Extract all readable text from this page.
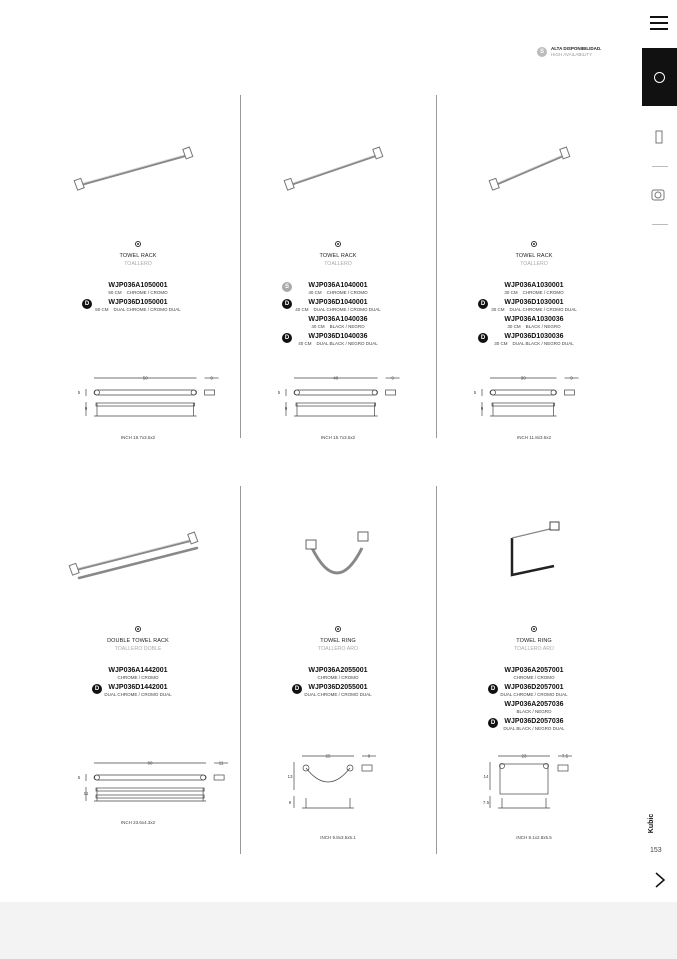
S
ALTA DISPONIBILIDAD.
HIGH AVAILABILITY
TOWEL RACK
TOALLERO
WJP036A1050001
50 CM CHROME / CROMO
D	WJP036D1050001
50 CM DUAL CHROME / CROMO DUAL
50	9
5
9
INCH 19.7x3.5x2
TOWEL RACK
TOALLERO
S	WJP036A1040001
40 CM CHROME / CROMO
D	WJP036D1040001
40 CM DUAL CHROME / CROMO DUAL
WJP036A1040036
40 CM BLACK / NEGRO
D	WJP036D1040036
40 CM DUAL BLACK / NEGRO DUAL
40	9
5
9
INCH 15.7x3.5x2
TOWEL RACK
TOALLERO
WJP036A1030001
30 CM CHROME / CROMO
D	WJP036D1030001
30 CM DUAL CHROME / CROMO DUAL
WJP036A1030036
30 CM BLACK / NEGRO
D	WJP036D1030036
30 CM DUAL BLACK / NEGRO DUAL
30	9
5
9
INCH 11.8x3.5x2
DOUBLE TOWEL RACK
TOALLERO DOBLE
WJP036A1442001
CHROME / CROMO
D	WJP036D1442001
DUAL CHROME / CROMO DUAL
60	11
5
11
INCH 23.6x4.3x2
TOWEL RING
TOALLERO ARO
WJP036A2055001
CHROME / CROMO
D	WJP036D2055001
DUAL CHROME / CROMO DUAL
25	9
13
9
INCH 9.8x3.5x5.1
TOWEL RING
TOALLERO ARO
WJP036A2057001
CHROME / CROMO
D	WJP036D2057001
DUAL CHROME / CROMO DUAL
WJP036A2057036
BLACK / NEGRO
D	WJP036D2057036
DUAL BLACK / NEGRO DUAL
23	7.5
14
7.5
INCH 9.1x2.8x5.5
Kubic
153
